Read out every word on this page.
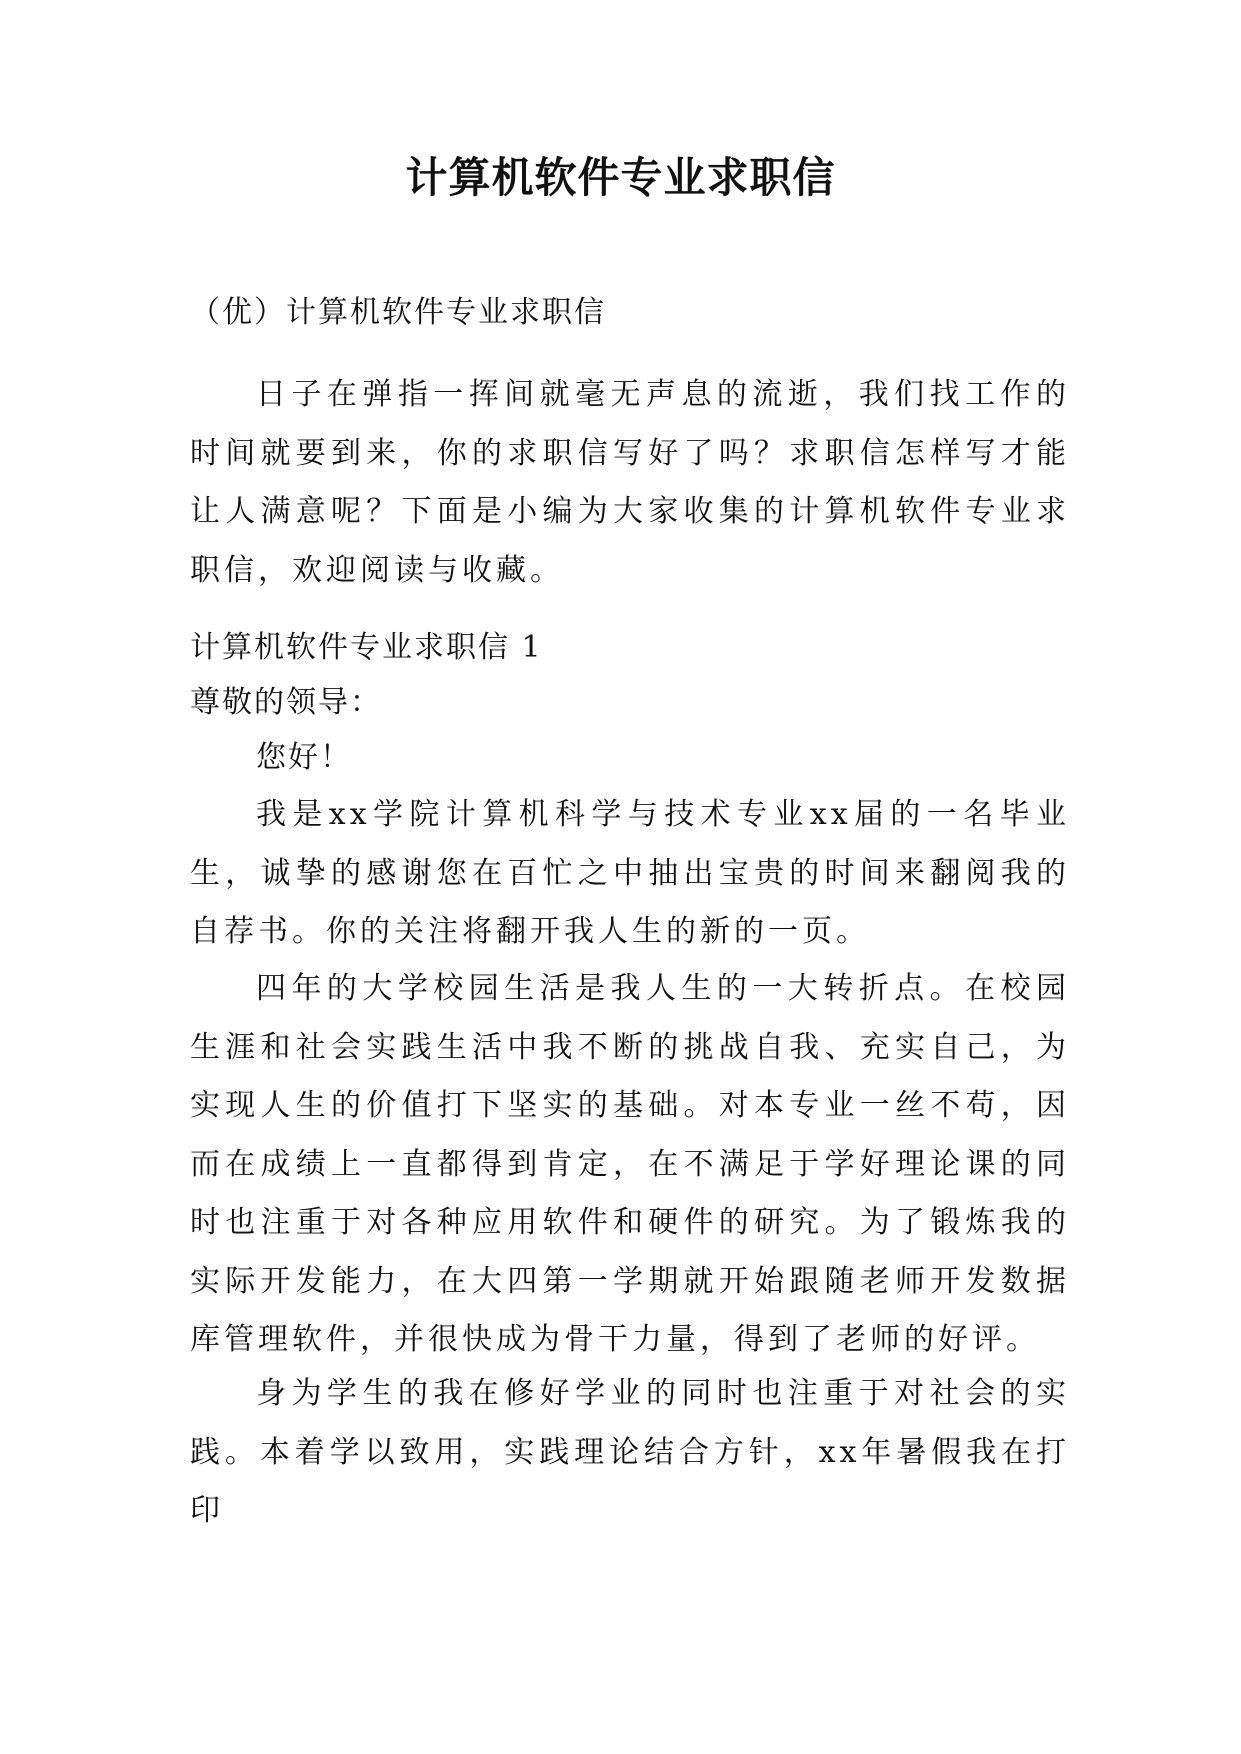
计算机软件专业求职信
（优）计算机软件专业求职信
日子在弹指一挥间就毫无声息的流逝，我们找工作的时间就要到来，你的求职信写好了吗？求职信怎样写才能让人满意呢？下面是小编为大家收集的计算机软件专业求职信，欢迎阅读与收藏。
计算机软件专业求职信 1
尊敬的领导：
您好！
我是xx学院计算机科学与技术专业xx届的一名毕业生，诚挚的感谢您在百忙之中抽出宝贵的时间来翻阅我的自荐书。你的关注将翻开我人生的新的一页。
四年的大学校园生活是我人生的一大转折点。在校园生涯和社会实践生活中我不断的挑战自我、充实自己，为实现人生的价值打下坚实的基础。对本专业一丝不苟，因而在成绩上一直都得到肯定，在不满足于学好理论课的同时也注重于对各种应用软件和硬件的研究。为了锻炼我的实际开发能力，在大四第一学期就开始跟随老师开发数据库管理软件，并很快成为骨干力量，得到了老师的好评。
身为学生的我在修好学业的同时也注重于对社会的实践。本着学以致用，实践理论结合方针，xx年暑假我在打印
